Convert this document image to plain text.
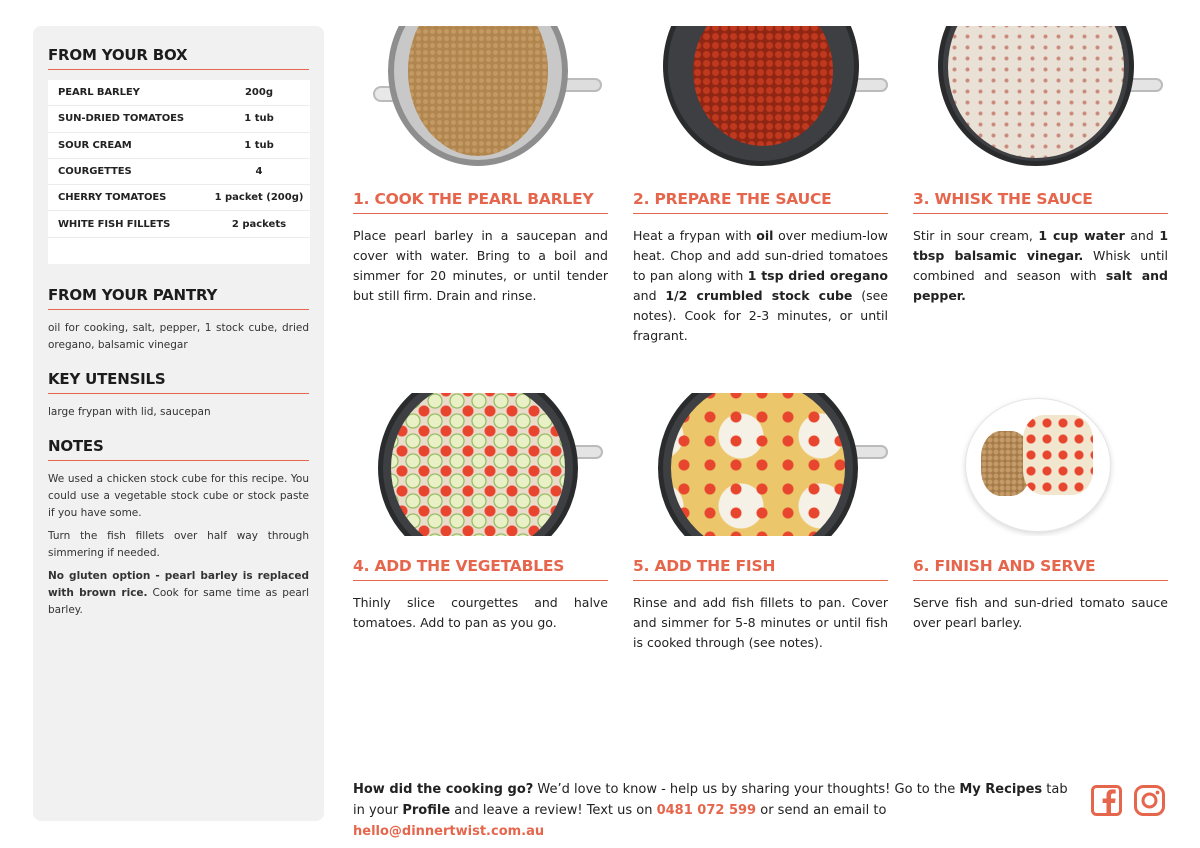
FROM YOUR BOX
PEARL BARLEY	200g
SUN-DRIED TOMATOES	1 tub
SOUR CREAM	1 tub
COURGETTES	4
CHERRY TOMATOES	1 packet (200g)
WHITE FISH FILLETS	2 packets
FROM YOUR PANTRY
oil for cooking, salt, pepper, 1 stock cube, dried oregano, balsamic vinegar
KEY UTENSILS
large frypan with lid, saucepan
NOTES
We used a chicken stock cube for this recipe. You could use a vegetable stock cube or stock paste if you have some.
Turn the fish fillets over half way through simmering if needed.
No gluten option - pearl barley is replaced with brown rice. Cook for same time as pearl barley.
1. COOK THE PEARL BARLEY
Place pearl barley in a saucepan and cover with water. Bring to a boil and simmer for 20 minutes, or until tender but still firm. Drain and rinse.
2. PREPARE THE SAUCE
Heat a frypan with oil over medium-low heat. Chop and add sun-dried tomatoes to pan along with 1 tsp dried oregano and 1/2 crumbled stock cube (see notes). Cook for 2-3 minutes, or until fragrant.
3. WHISK THE SAUCE
Stir in sour cream, 1 cup water and 1 tbsp balsamic vinegar. Whisk until combined and season with salt and pepper.
4. ADD THE VEGETABLES
Thinly slice courgettes and halve tomatoes. Add to pan as you go.
5. ADD THE FISH
Rinse and add fish fillets to pan. Cover and simmer for 5-8 minutes or until fish is cooked through (see notes).
6. FINISH AND SERVE
Serve fish and sun-dried tomato sauce over pearl barley.
How did the cooking go? We’d love to know - help us by sharing your thoughts! Go to the My Recipes tab in your Profile and leave a review! Text us on 0481 072 599 or send an email to hello@dinnertwist.com.au
